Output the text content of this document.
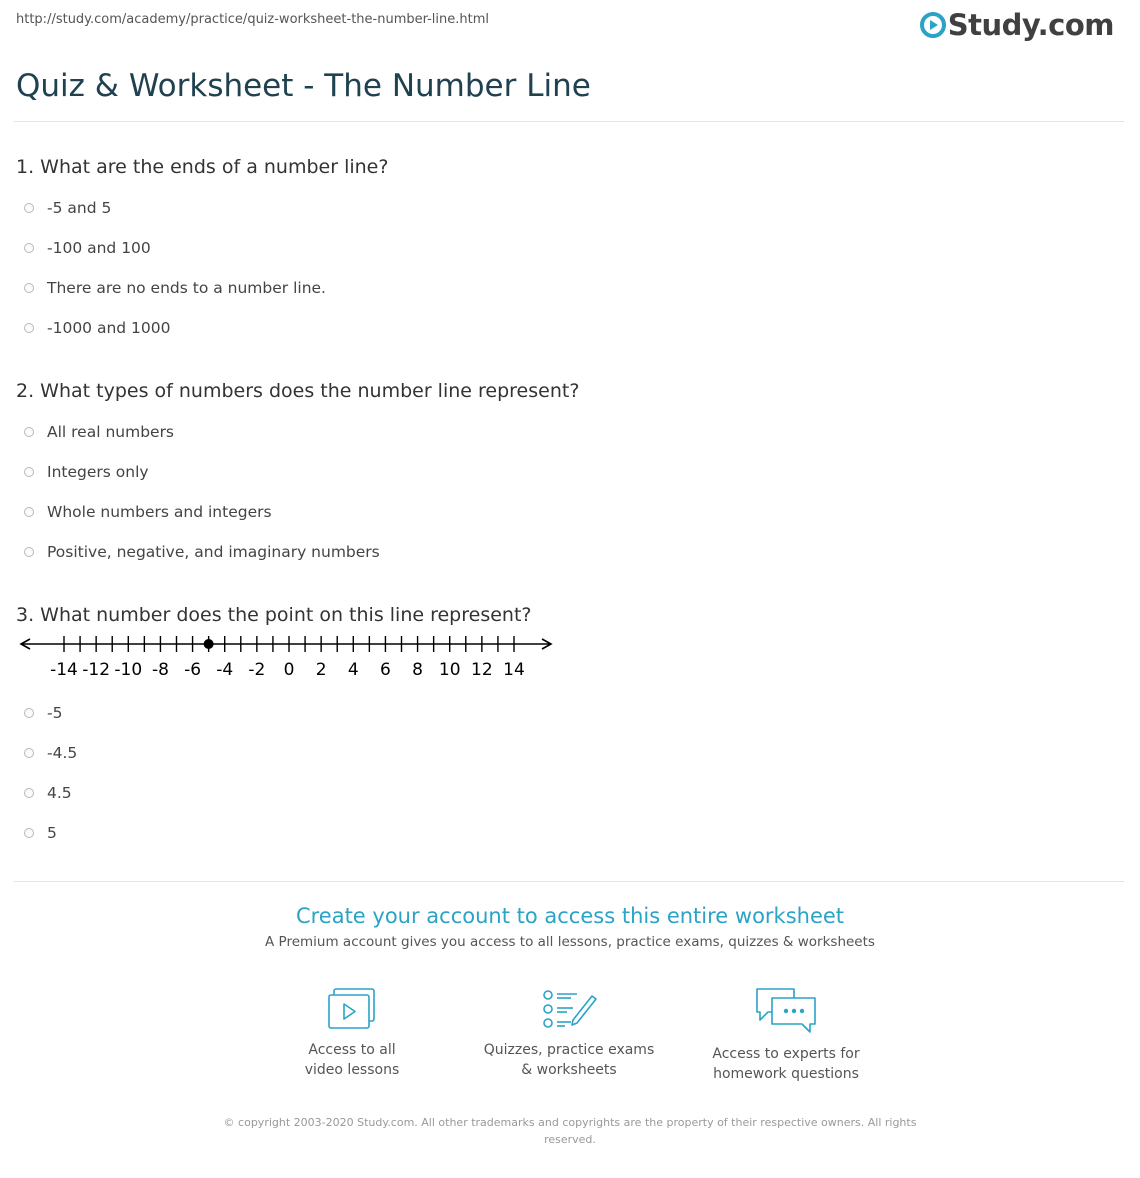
http://study.com/academy/practice/quiz-worksheet-the-number-line.html	Study.com
Quiz & Worksheet - The Number Line
1. What are the ends of a number line?
-5 and 5
-100 and 100
There are no ends to a number line.
-1000 and 1000
2. What types of numbers does the number line represent?
All real numbers
Integers only
Whole numbers and integers
Positive, negative, and imaginary numbers
3. What number does the point on this line represent?
-14 -12 -10 -8 -6 -4 -2 0 2 4 6 8 10 12 14
-5
-4.5
4.5
5
Create your account to access this entire worksheet
A Premium account gives you access to all lessons, practice exams, quizzes & worksheets
Access to all
video lessons
Quizzes, practice exams
& worksheets
Access to experts for
homework questions
© copyright 2003-2020 Study.com. All other trademarks and copyrights are the property of their respective owners. All rights reserved.
